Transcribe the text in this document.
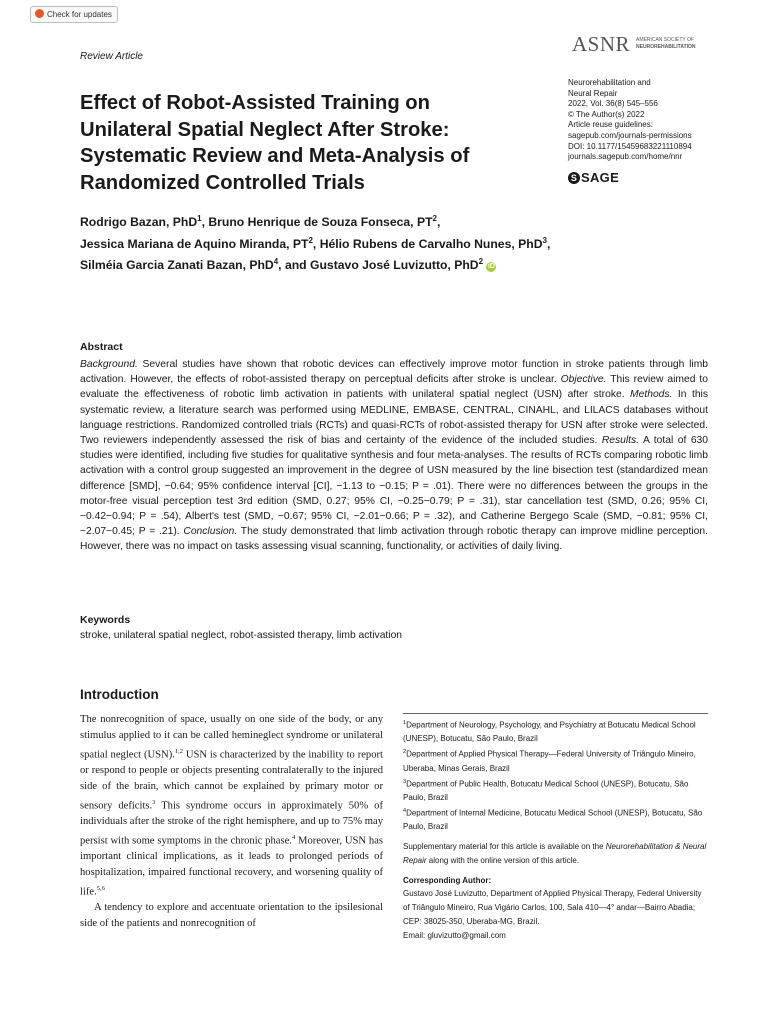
Check for updates
Review Article
ASNR AMERICAN SOCIETY OF
NEUROREHABILITATION
Neurorehabilitation and
Neural Repair
2022, Vol. 36(8) 545–556
© The Author(s) 2022
Article reuse guidelines:
sagepub.com/journals-permissions
DOI: 10.1177/15459683221110894
journals.sagepub.com/home/nnr
S SAGE
Effect of Robot-Assisted Training on
Unilateral Spatial Neglect After Stroke:
Systematic Review and Meta-Analysis of
Randomized Controlled Trials
Rodrigo Bazan, PhD$^1$, Bruno Henrique de Souza Fonseca, $PT^2$,
Jessica Mariana de Aquino Miranda, $PT^2$, Hélio Rubens de Carvalho Nunes, PhD$^3$,
Silméia Garcia Zanati Bazan, PhD$^4$, and Gustavo José Luvizutto, PhD$^2$ iD
Abstract
Background. Several studies have shown that robotic devices can effectively improve motor function in stroke patients through limb activation. However, the effects of robot-assisted therapy on perceptual deficits after stroke is unclear. Objective. This review aimed to evaluate the effectiveness of robotic limb activation in patients with unilateral spatial neglect (USN) after stroke. Methods. In this systematic review, a literature search was performed using MEDLINE, EMBASE, CENTRAL, CINAHL, and LILACS databases without language restrictions. Randomized controlled trials (RCTs) and quasi-RCTs of robot-assisted therapy for USN after stroke were selected. Two reviewers independently assessed the risk of bias and certainty of the evidence of the included studies. Results. A total of 630 studies were identified, including five studies for qualitative synthesis and four meta-analyses. The results of RCTs comparing robotic limb activation with a control group suggested an improvement in the degree of USN measured by the line bisection test (standardized mean difference [SMD], −0.64; 95% confidence interval [CI], −1.13 to −0.15; P = .01). There were no differences between the groups in the motor-free visual perception test 3rd edition (SMD, 0.27; 95% CI, −0.25−0.79; P = .31), star cancellation test (SMD, 0.26; 95% CI, −0.42−0.94; P = .54), Albert's test (SMD, −0.67; 95% CI, −2.01−0.66; P = .32), and Catherine Bergego Scale (SMD, −0.81; 95% CI, −2.07−0.45; P = .21). Conclusion. The study demonstrated that limb activation through robotic therapy can improve midline perception. However, there was no impact on tasks assessing visual scanning, functionality, or activities of daily living.
Keywords
stroke, unilateral spatial neglect, robot-assisted therapy, limb activation
Introduction

The nonrecognition of space, usually on one side of the body, or any stimulus applied to it can be called hemineglect syndrome or unilateral spatial neglect (USN).$^{1,2}$ USN is characterized by the inability to report or respond to people or objects presenting contralaterally to the injured side of the brain, which cannot be explained by primary motor or sensory deficits.$^3$ This syndrome occurs in approximately 50% of individuals after the stroke of the right hemisphere, and up to 75% may persist with some symptoms in the chronic phase.$^4$ Moreover, USN has important clinical implications, as it leads to prolonged periods of hospitalization, impaired functional recovery, and worsening quality of life.$^{5,6}$

A tendency to explore and accentuate orientation to the ipsilesional side of the patients and nonrecognition of

$^1$Department of Neurology, Psychology, and Psychiatry at Botucatu Medical School (UNESP), Botucatu, São Paulo, Brazil
$^2$Department of Applied Physical Therapy—Federal University of Triângulo Mineiro, Uberaba, Minas Gerais, Brazil
$^3$Department of Public Health, Botucatu Medical School (UNESP), Botucatu, São Paulo, Brazil
$^4$Department of Internal Medicine, Botucatu Medical School (UNESP), Botucatu, São Paulo, Brazil
Supplementary material for this article is available on the Neurorehabilitation & Neural Repair along with the online version of this article.
Corresponding Author:
Gustavo José Luvizutto, Department of Applied Physical Therapy, Federal University of Triângulo Mineiro, Rua Vigário Carlos, 100, Sala 410—4° andar—Bairro Abadia; CEP: 38025-350, Uberaba-MG, Brazil.
Email: gluvizutto@gmail.com
